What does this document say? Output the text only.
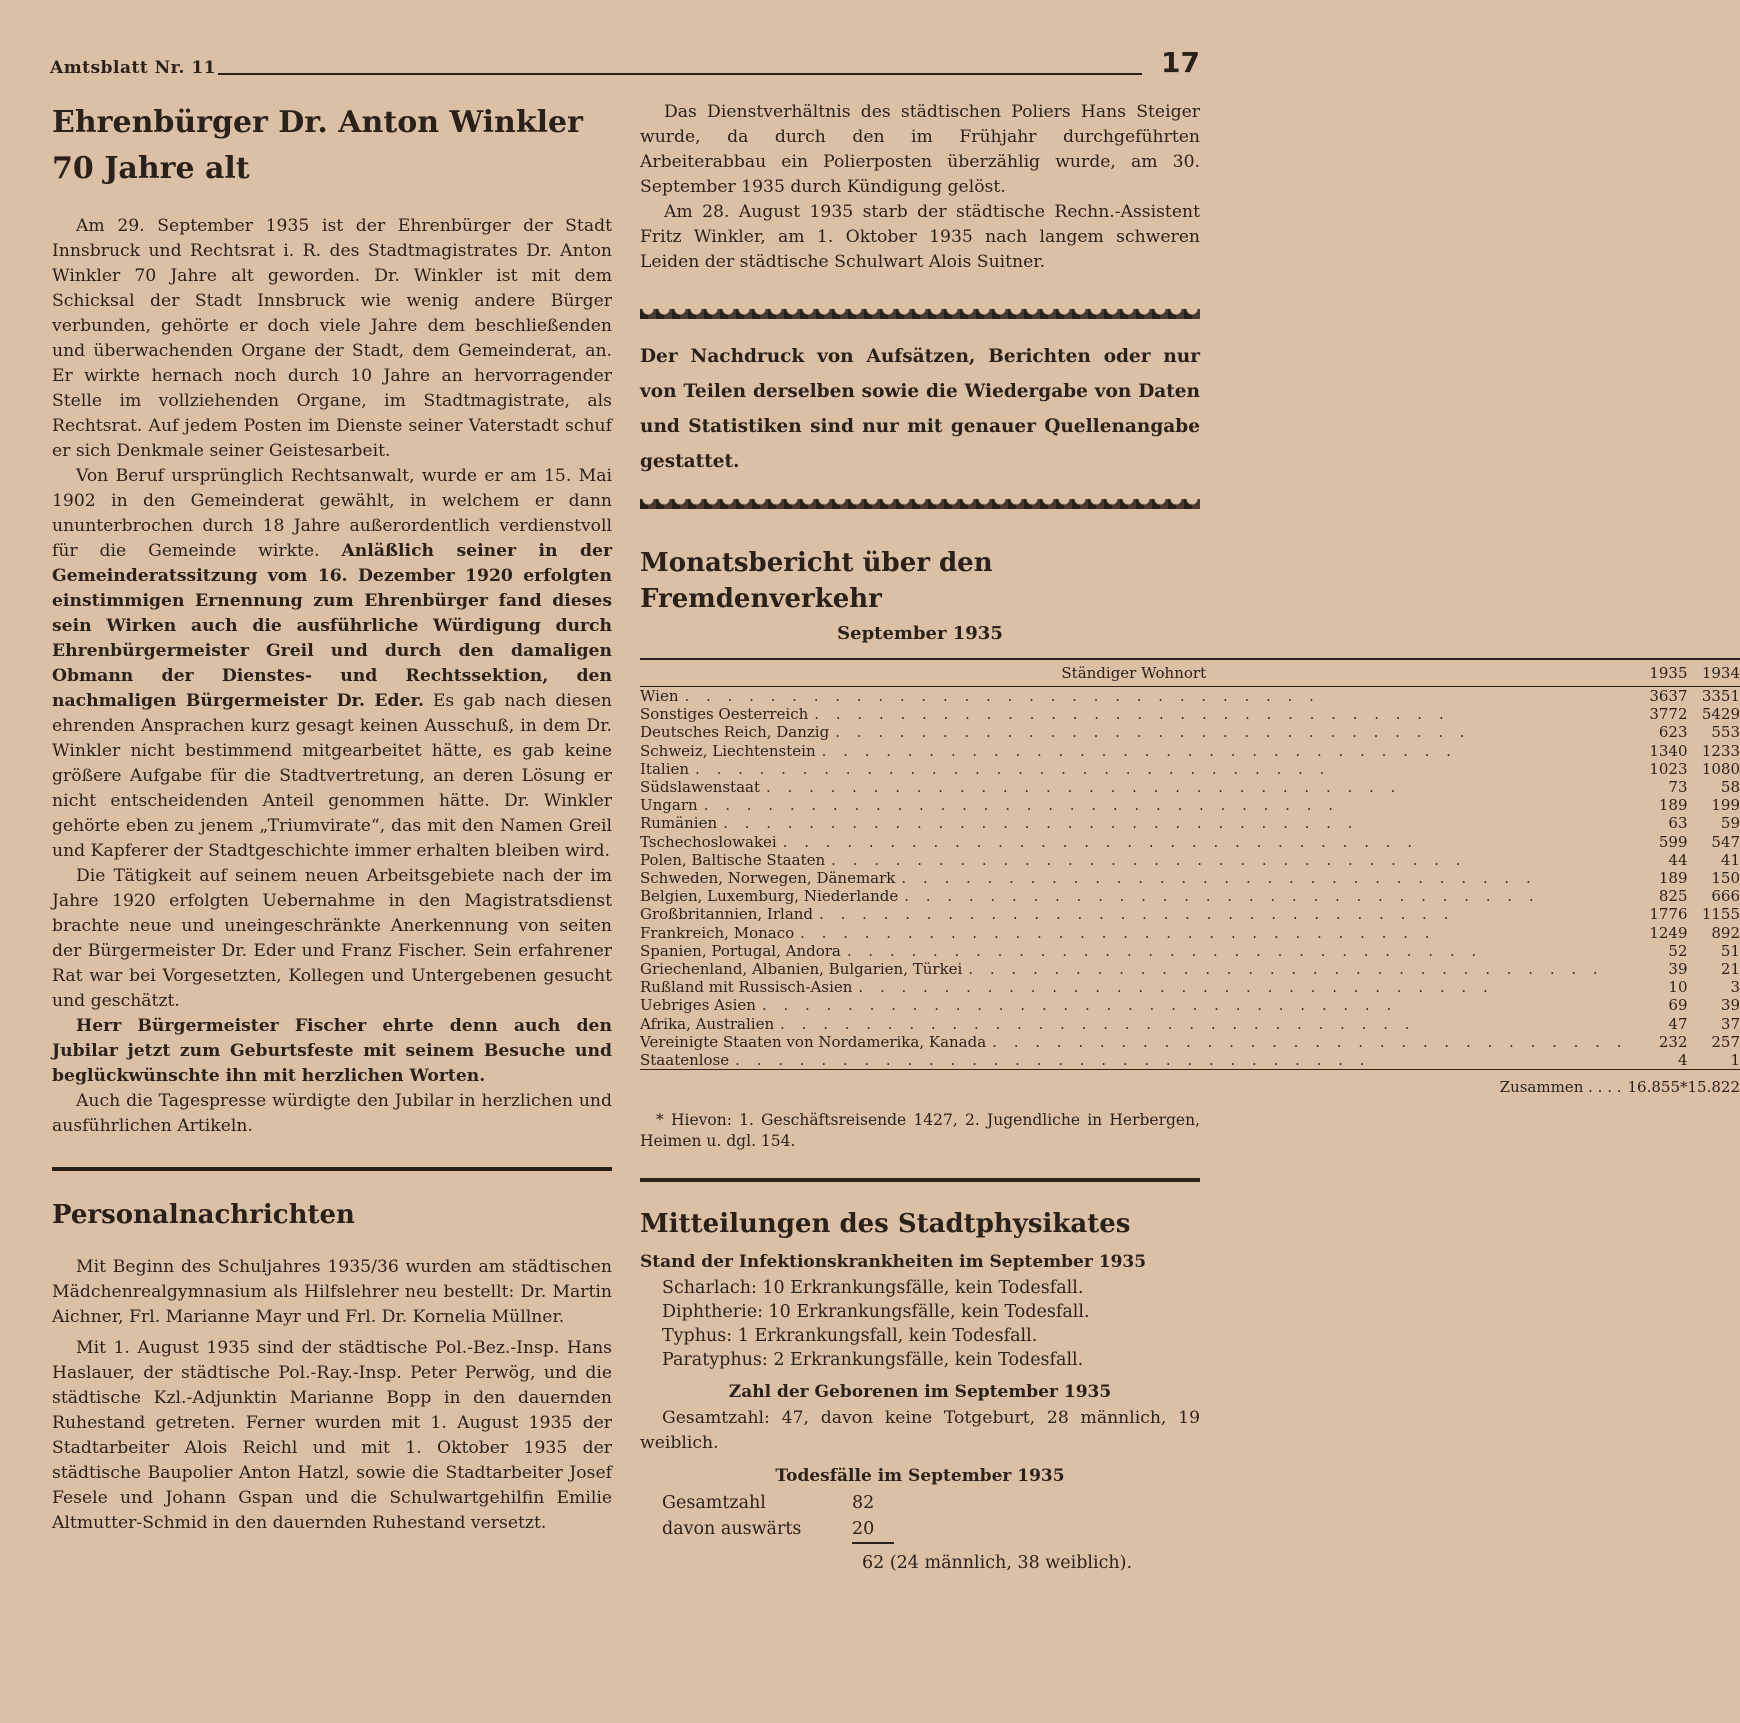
Amtsblatt Nr. 11	17
Ehrenbürger Dr. Anton Winkler
70 Jahre alt

Am 29. September 1935 ist der Ehrenbürger der Stadt Innsbruck und Rechtsrat i. R. des Stadtmagistrates Dr. Anton Winkler 70 Jahre alt geworden. Dr. Winkler ist mit dem Schicksal der Stadt Innsbruck wie wenig andere Bürger verbunden, gehörte er doch viele Jahre dem beschließenden und überwachenden Organe der Stadt, dem Gemeinderat, an. Er wirkte hernach noch durch 10 Jahre an hervorragender Stelle im vollziehenden Organe, im Stadtmagistrate, als Rechtsrat. Auf jedem Posten im Dienste seiner Vaterstadt schuf er sich Denkmale seiner Geistesarbeit.

Von Beruf ursprünglich Rechtsanwalt, wurde er am 15. Mai 1902 in den Gemeinderat gewählt, in welchem er dann ununterbrochen durch 18 Jahre außerordentlich verdienstvoll für die Gemeinde wirkte. Anläßlich seiner in der Gemeinderatssitzung vom 16. Dezember 1920 erfolgten einstimmigen Ernennung zum Ehrenbürger fand dieses sein Wirken auch die ausführliche Würdigung durch Ehrenbürgermeister Greil und durch den damaligen Obmann der Dienstes- und Rechtssektion, den nachmaligen Bürgermeister Dr. Eder. Es gab nach diesen ehrenden Ansprachen kurz gesagt keinen Ausschuß, in dem Dr. Winkler nicht bestimmend mitgearbeitet hätte, es gab keine größere Aufgabe für die Stadtvertretung, an deren Lösung er nicht entscheidenden Anteil genommen hätte. Dr. Winkler gehörte eben zu jenem „Triumvirate“, das mit den Namen Greil und Kapferer der Stadtgeschichte immer erhalten bleiben wird.

Die Tätigkeit auf seinem neuen Arbeitsgebiete nach der im Jahre 1920 erfolgten Uebernahme in den Magistratsdienst brachte neue und uneingeschränkte Anerkennung von seiten der Bürgermeister Dr. Eder und Franz Fischer. Sein erfahrener Rat war bei Vorgesetzten, Kollegen und Untergebenen gesucht und geschätzt.

Herr Bürgermeister Fischer ehrte denn auch den Jubilar jetzt zum Geburtsfeste mit seinem Besuche und beglückwünschte ihn mit herzlichen Worten.

Auch die Tagespresse würdigte den Jubilar in herzlichen und ausführlichen Artikeln.

Personalnachrichten

Mit Beginn des Schuljahres 1935/36 wurden am städtischen Mädchenrealgymnasium als Hilfslehrer neu bestellt: Dr. Martin Aichner, Frl. Marianne Mayr und Frl. Dr. Kornelia Müllner.

Mit 1. August 1935 sind der städtische Pol.-Bez.-Insp. Hans Haslauer, der städtische Pol.-Ray.-Insp. Peter Perwög, und die städtische Kzl.-Adjunktin Marianne Bopp in den dauernden Ruhestand getreten. Ferner wurden mit 1. August 1935 der Stadtarbeiter Alois Reichl und mit 1. Oktober 1935 der städtische Baupolier Anton Hatzl, sowie die Stadtarbeiter Josef Fesele und Johann Gspan und die Schulwartgehilfin Emilie Altmutter-Schmid in den dauernden Ruhestand versetzt.

Das Dienstverhältnis des städtischen Poliers Hans Steiger wurde, da durch den im Frühjahr durchgeführten Arbeiterabbau ein Polierposten überzählig wurde, am 30. September 1935 durch Kündigung gelöst.

Am 28. August 1935 starb der städtische Rechn.-Assistent Fritz Winkler, am 1. Oktober 1935 nach langem schweren Leiden der städtische Schulwart Alois Suitner.

Der Nachdruck von Aufsätzen, Berichten oder nur von Teilen derselben sowie die Wiedergabe von Daten und Statistiken sind nur mit genauer Quellenangabe gestattet.

Monatsbericht über den Fremdenverkehr
September 1935
Ständiger Wohnort	1935	1934

Wien . . . . . . . . . . . . . . . . . . . . . . . . . . . . . .	3637	3351

Sonstiges Oesterreich . . . . . . . . . . . . . . . . . . . . . . . . . . . . . .	3772	5429

Deutsches Reich, Danzig . . . . . . . . . . . . . . . . . . . . . . . . . . . . . .	623	553

Schweiz, Liechtenstein . . . . . . . . . . . . . . . . . . . . . . . . . . . . . .	1340	1233

Italien . . . . . . . . . . . . . . . . . . . . . . . . . . . . . .	1023	1080

Südslawenstaat . . . . . . . . . . . . . . . . . . . . . . . . . . . . . .	73	58

Ungarn . . . . . . . . . . . . . . . . . . . . . . . . . . . . . .	189	199

Rumänien . . . . . . . . . . . . . . . . . . . . . . . . . . . . . .	63	59

Tschechoslowakei . . . . . . . . . . . . . . . . . . . . . . . . . . . . . .	599	547

Polen, Baltische Staaten . . . . . . . . . . . . . . . . . . . . . . . . . . . . . .	44	41

Schweden, Norwegen, Dänemark . . . . . . . . . . . . . . . . . . . . . . . . . . . . . .	189	150

Belgien, Luxemburg, Niederlande . . . . . . . . . . . . . . . . . . . . . . . . . . . . . .	825	666

Großbritannien, Irland . . . . . . . . . . . . . . . . . . . . . . . . . . . . . .	1776	1155

Frankreich, Monaco . . . . . . . . . . . . . . . . . . . . . . . . . . . . . .	1249	892

Spanien, Portugal, Andora . . . . . . . . . . . . . . . . . . . . . . . . . . . . . .	52	51

Griechenland, Albanien, Bulgarien, Türkei . . . . . . . . . . . . . . . . . . . . . . . . . . . . . .	39	21

Rußland mit Russisch-Asien . . . . . . . . . . . . . . . . . . . . . . . . . . . . . .	10	3

Uebriges Asien . . . . . . . . . . . . . . . . . . . . . . . . . . . . . .	69	39

Afrika, Australien . . . . . . . . . . . . . . . . . . . . . . . . . . . . . .	47	37

Vereinigte Staaten von Nordamerika, Kanada . . . . . . . . . . . . . . . . . . . . . . . . . . . . . .	232	257

Staatenlose . . . . . . . . . . . . . . . . . . . . . . . . . . . . . .	4	1
Zusammen . . . .	16.855*	15.822

* Hievon: 1. Geschäftsreisende 1427, 2. Jugendliche in Herbergen, Heimen u. dgl. 154.

Mitteilungen des Stadtphysikates
Stand der Infektionskrankheiten im September 1935

Scharlach: 10 Erkrankungsfälle, kein Todesfall.

Diphtherie: 10 Erkrankungsfälle, kein Todesfall.

Typhus: 1 Erkrankungsfall, kein Todesfall.

Paratyphus: 2 Erkrankungsfälle, kein Todesfall.

Zahl der Geborenen im September 1935

Gesamtzahl: 47, davon keine Totgeburt, 28 männlich, 19 weiblich.

Todesfälle im September 1935
Gesamtzahl	82
davon auswärts	20
62 (24 männlich, 38 weiblich).
